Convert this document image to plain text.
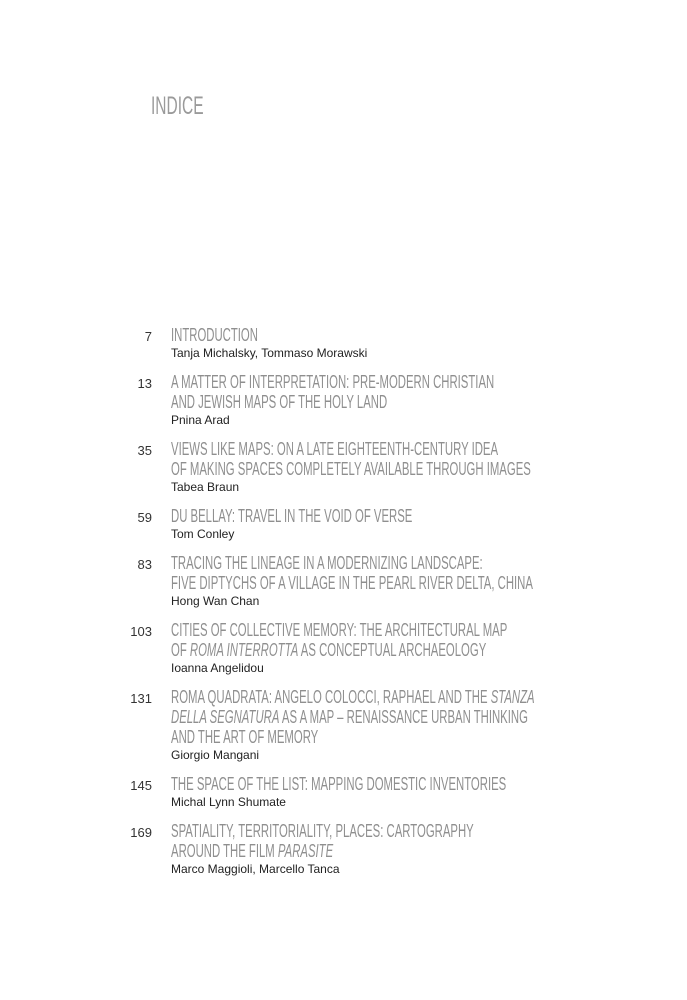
INDICE
7 INTRODUCTION
Tanja Michalsky, Tommaso Morawski
13 A MATTER OF INTERPRETATION: PRE-MODERN CHRISTIAN
AND JEWISH MAPS OF THE HOLY LAND
Pnina Arad
35 VIEWS LIKE MAPS: ON A LATE EIGHTEENTH-CENTURY IDEA
OF MAKING SPACES COMPLETELY AVAILABLE THROUGH IMAGES
Tabea Braun
59 DU BELLAY: TRAVEL IN THE VOID OF VERSE
Tom Conley
83 TRACING THE LINEAGE IN A MODERNIZING LANDSCAPE:
FIVE DIPTYCHS OF A VILLAGE IN THE PEARL RIVER DELTA, CHINA
Hong Wan Chan
103 CITIES OF COLLECTIVE MEMORY: THE ARCHITECTURAL MAP
OF ROMA INTERROTTA AS CONCEPTUAL ARCHAEOLOGY
Ioanna Angelidou
131 ROMA QUADRATA: ANGELO COLOCCI, RAPHAEL AND THE STANZA
DELLA SEGNATURA AS A MAP – RENAISSANCE URBAN THINKING
AND THE ART OF MEMORY
Giorgio Mangani
145 THE SPACE OF THE LIST: MAPPING DOMESTIC INVENTORIES
Michal Lynn Shumate
169 SPATIALITY, TERRITORIALITY, PLACES: CARTOGRAPHY
AROUND THE FILM PARASITE
Marco Maggioli, Marcello Tanca
